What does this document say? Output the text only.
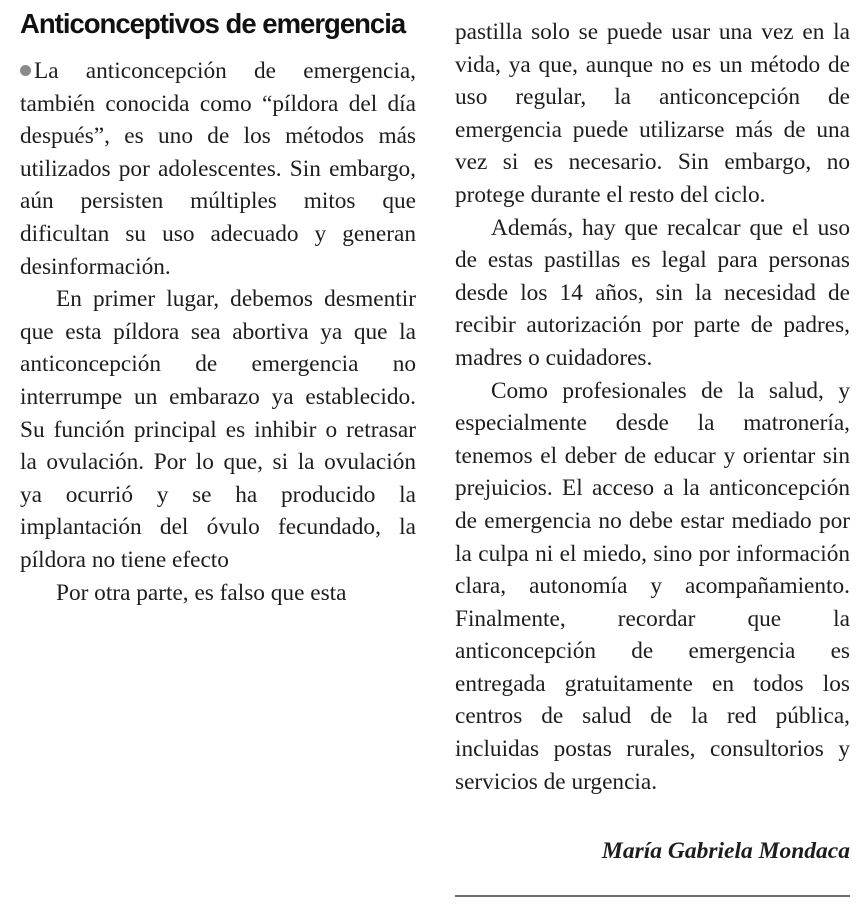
Anticonceptivos de emergencia

La anticoncepción de emergencia, también conocida como “píldora del día después”, es uno de los métodos más utilizados por adolescentes. Sin embargo, aún persisten múltiples mitos que dificultan su uso adecuado y generan desinformación.

En primer lugar, debemos desmentir que esta píldora sea abortiva ya que la anticoncepción de emergencia no interrumpe un embarazo ya establecido. Su función principal es inhibir o retrasar la ovulación. Por lo que, si la ovulación ya ocurrió y se ha producido la implantación del óvulo fecundado, la píldora no tiene efecto

Por otra parte, es falso que esta

pastilla solo se puede usar una vez en la vida, ya que, aunque no es un método de uso regular, la anticoncepción de emergencia puede utilizarse más de una vez si es necesario. Sin embargo, no protege durante el resto del ciclo.

Además, hay que recalcar que el uso de estas pastillas es legal para personas desde los 14 años, sin la necesidad de recibir autorización por parte de padres, madres o cuidadores.

Como profesionales de la salud, y especialmente desde la matronería, tenemos el deber de educar y orientar sin prejuicios. El acceso a la anticoncepción de emergencia no debe estar mediado por la culpa ni el miedo, sino por información clara, autonomía y acompañamiento. Finalmente, recordar que la anticoncepción de emergencia es entregada gratuitamente en todos los centros de salud de la red pública, incluidas postas rurales, consultorios y servicios de urgencia.

María Gabriela Mondaca
